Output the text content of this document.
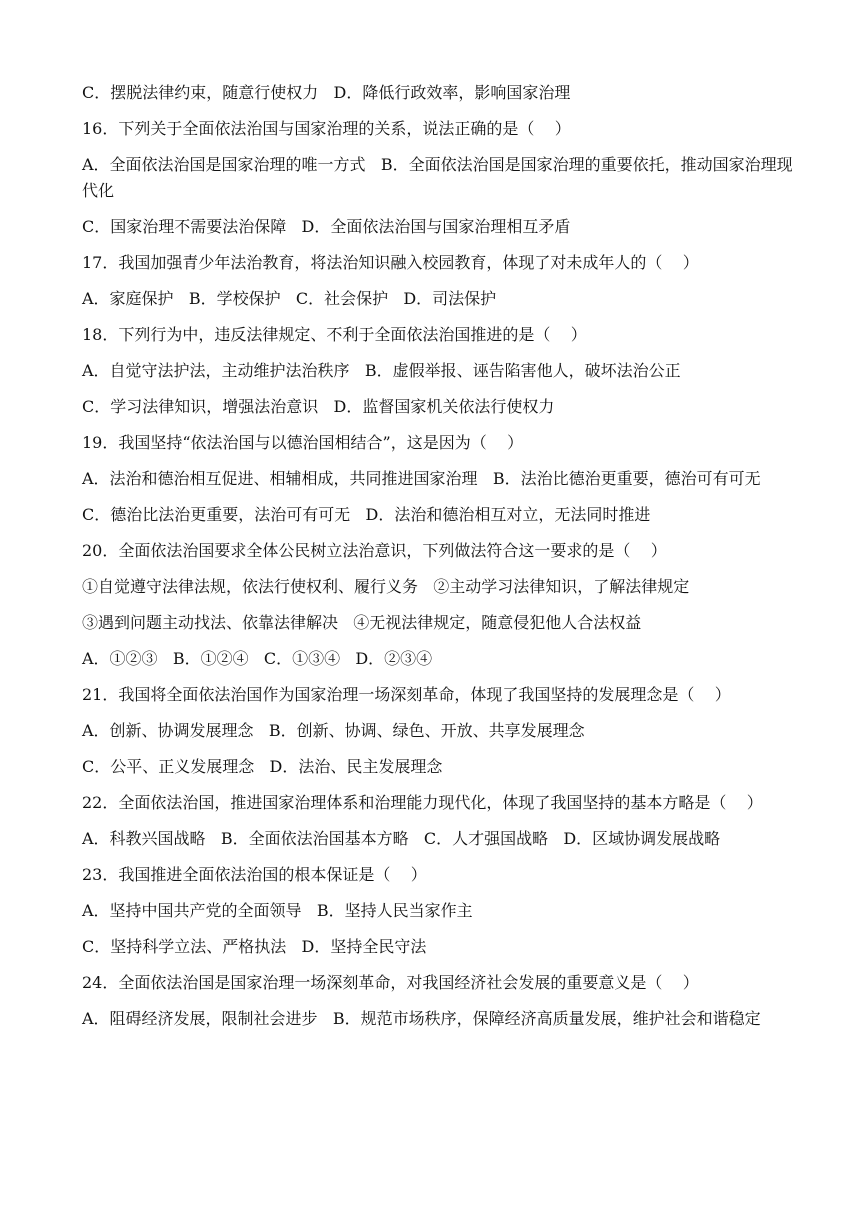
C．摆脱法律约束，随意行使权力   D．降低行政效率，影响国家治理

16．下列关于全面依法治国与国家治理的关系，说法正确的是（    ）

A．全面依法治国是国家治理的唯一方式   B．全面依法治国是国家治理的重要依托，推动国家治理现代化

C．国家治理不需要法治保障   D．全面依法治国与国家治理相互矛盾

17．我国加强青少年法治教育，将法治知识融入校园教育，体现了对未成年人的（    ）

A．家庭保护   B．学校保护   C．社会保护   D．司法保护

18．下列行为中，违反法律规定、不利于全面依法治国推进的是（    ）

A．自觉守法护法，主动维护法治秩序   B．虚假举报、诬告陷害他人，破坏法治公正

C．学习法律知识，增强法治意识   D．监督国家机关依法行使权力

19．我国坚持“依法治国与以德治国相结合”，这是因为（    ）

A．法治和德治相互促进、相辅相成，共同推进国家治理   B．法治比德治更重要，德治可有可无

C．德治比法治更重要，法治可有可无   D．法治和德治相互对立，无法同时推进

20．全面依法治国要求全体公民树立法治意识，下列做法符合这一要求的是（    ）

①自觉遵守法律法规，依法行使权利、履行义务   ②主动学习法律知识，了解法律规定

③遇到问题主动找法、依靠法律解决   ④无视法律规定，随意侵犯他人合法权益

A．①②③   B．①②④   C．①③④   D．②③④

21．我国将全面依法治国作为国家治理一场深刻革命，体现了我国坚持的发展理念是（    ）

A．创新、协调发展理念   B．创新、协调、绿色、开放、共享发展理念

C．公平、正义发展理念   D．法治、民主发展理念

22．全面依法治国，推进国家治理体系和治理能力现代化，体现了我国坚持的基本方略是（    ）

A．科教兴国战略   B．全面依法治国基本方略   C．人才强国战略   D．区域协调发展战略

23．我国推进全面依法治国的根本保证是（    ）

A．坚持中国共产党的全面领导   B．坚持人民当家作主

C．坚持科学立法、严格执法   D．坚持全民守法

24．全面依法治国是国家治理一场深刻革命，对我国经济社会发展的重要意义是（    ）

A．阻碍经济发展，限制社会进步   B．规范市场秩序，保障经济高质量发展，维护社会和谐稳定
